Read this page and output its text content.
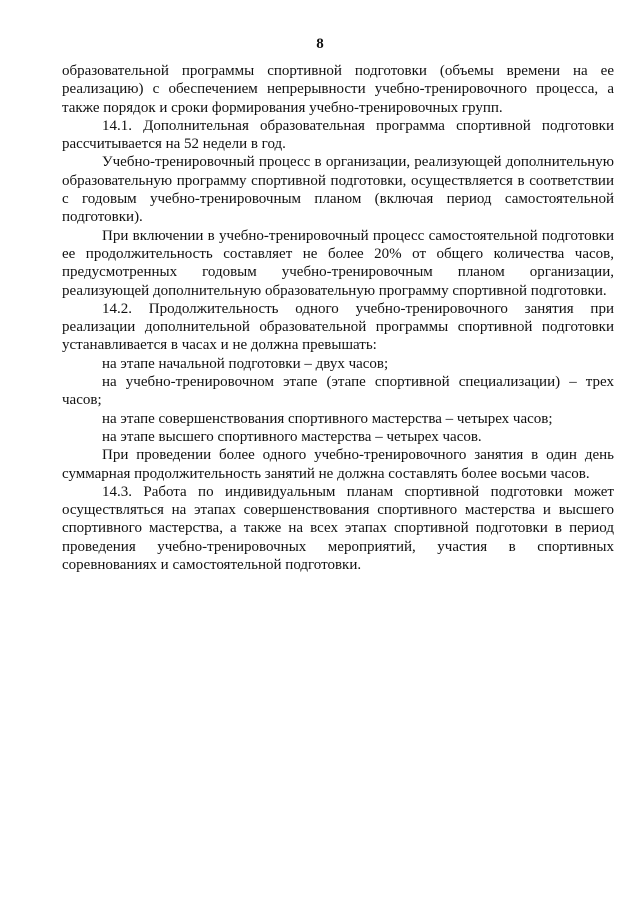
8

образовательной программы спортивной подготовки (объемы времени на ее реализацию) с обеспечением непрерывности учебно-тренировочного процесса, а также порядок и сроки формирования учебно-тренировочных групп.

14.1. Дополнительная образовательная программа спортивной подготовки рассчитывается на 52 недели в год.

Учебно-тренировочный процесс в организации, реализующей дополнительную образовательную программу спортивной подготовки, осуществляется в соответствии с годовым учебно-тренировочным планом (включая период самостоятельной подготовки).

При включении в учебно-тренировочный процесс самостоятельной подготовки ее продолжительность составляет не более 20% от общего количества часов, предусмотренных годовым учебно-тренировочным планом организации, реализующей дополнительную образовательную программу спортивной подготовки.

14.2. Продолжительность одного учебно-тренировочного занятия при реализации дополнительной образовательной программы спортивной подготовки устанавливается в часах и не должна превышать:

на этапе начальной подготовки – двух часов;

на учебно-тренировочном этапе (этапе спортивной специализации) – трех часов;

на этапе совершенствования спортивного мастерства – четырех часов;

на этапе высшего спортивного мастерства – четырех часов.

При проведении более одного учебно-тренировочного занятия в один день суммарная продолжительность занятий не должна составлять более восьми часов.

14.3. Работа по индивидуальным планам спортивной подготовки может осуществляться на этапах совершенствования спортивного мастерства и высшего спортивного мастерства, а также на всех этапах спортивной подготовки в период проведения учебно-тренировочных мероприятий, участия в спортивных соревнованиях и самостоятельной подготовки.
